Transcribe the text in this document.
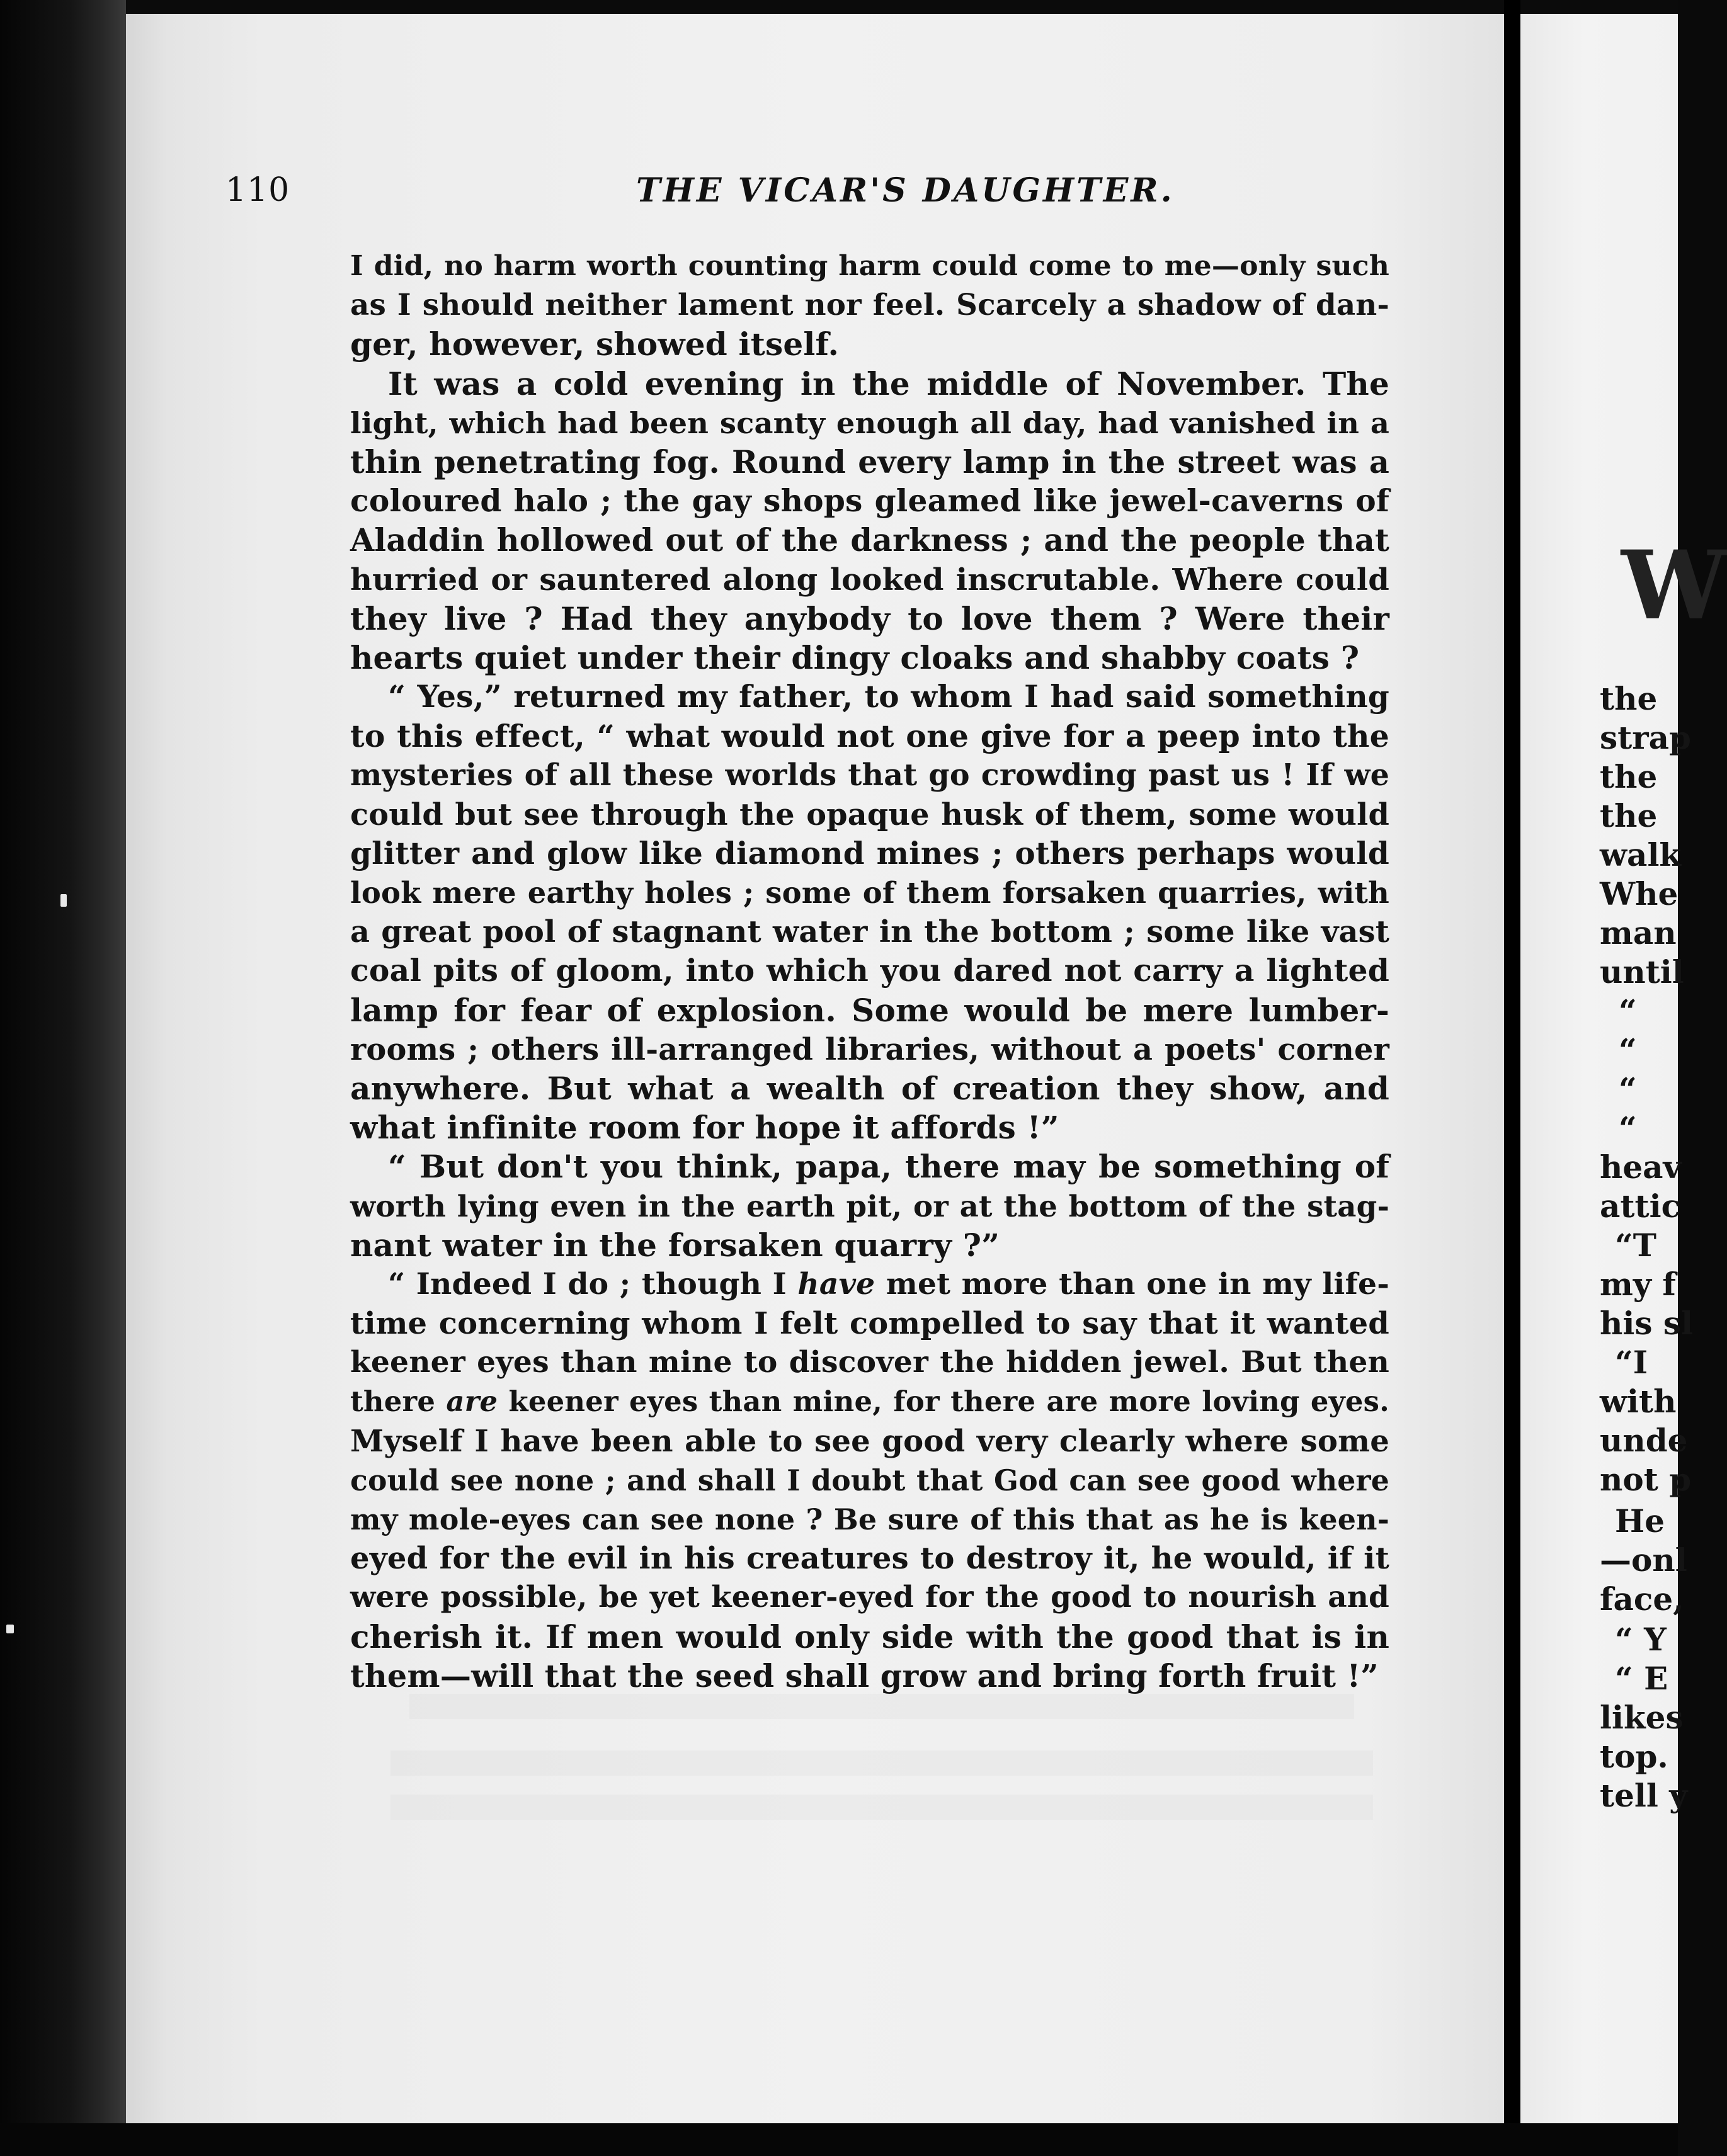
110	THE VICAR'S DAUGHTER.
I did, no harm worth counting harm could come to me—only such
as I should neither lament nor feel. Scarcely a shadow of dan-
ger, however, showed itself.
It was a cold evening in the middle of November. The
light, which had been scanty enough all day, had vanished in a
thin penetrating fog. Round every lamp in the street was a
coloured halo ; the gay shops gleamed like jewel-caverns of
Aladdin hollowed out of the darkness ; and the people that
hurried or sauntered along looked inscrutable. Where could
they live ? Had they anybody to love them ? Were their
hearts quiet under their dingy cloaks and shabby coats ?
“ Yes,” returned my father, to whom I had said something
to this effect, “ what would not one give for a peep into the
mysteries of all these worlds that go crowding past us ! If we
could but see through the opaque husk of them, some would
glitter and glow like diamond mines ; others perhaps would
look mere earthy holes ; some of them forsaken quarries, with
a great pool of stagnant water in the bottom ; some like vast
coal pits of gloom, into which you dared not carry a lighted
lamp for fear of explosion. Some would be mere lumber-
rooms ; others ill-arranged libraries, without a poets' corner
anywhere. But what a wealth of creation they show, and
what infinite room for hope it affords !”
“ But don't you think, papa, there may be something of
worth lying even in the earth pit, or at the bottom of the stag-
nant water in the forsaken quarry ?”
“ Indeed I do ; though I have met more than one in my life-
time concerning whom I felt compelled to say that it wanted
keener eyes than mine to discover the hidden jewel. But then
there are keener eyes than mine, for there are more loving eyes.
Myself I have been able to see good very clearly where some
could see none ; and shall I doubt that God can see good where
my mole-eyes can see none ? Be sure of this that as he is keen-
eyed for the evil in his creatures to destroy it, he would, if it
were possible, be yet keener-eyed for the good to nourish and
cherish it. If men would only side with the good that is in
them—will that the seed shall grow and bring forth fruit !”
W
the
strap
the
the
walk
Whe
man
until
“
“
“
“
heav
attic
“T
my f
his sl
“I
with
unde
not p
He
—onl
face,
“ Y
“ E
likes
top.
tell y
